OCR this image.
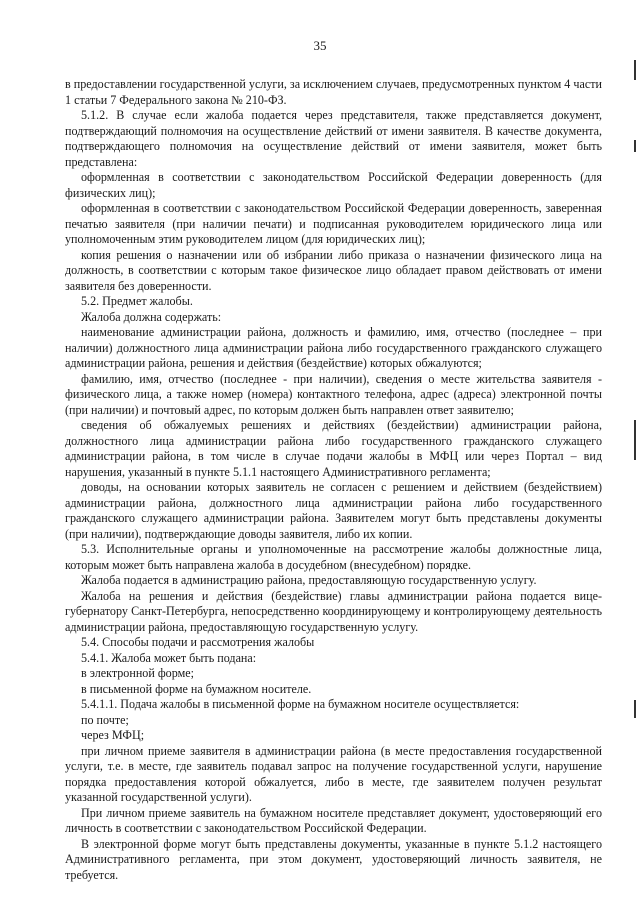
35

в предоставлении государственной услуги, за исключением случаев, предусмотренных пунктом 4 части 1 статьи 7 Федерального закона № 210-ФЗ.

5.1.2. В случае если жалоба подается через представителя, также представляется документ, подтверждающий полномочия на осуществление действий от имени заявителя. В качестве документа, подтверждающего полномочия на осуществление действий от имени заявителя, может быть представлена:

оформленная в соответствии с законодательством Российской Федерации доверенность (для физических лиц);

оформленная в соответствии с законодательством Российской Федерации доверенность, заверенная печатью заявителя (при наличии печати) и подписанная руководителем юридического лица или уполномоченным этим руководителем лицом (для юридических лиц);

копия решения о назначении или об избрании либо приказа о назначении физического лица на должность, в соответствии с которым такое физическое лицо обладает правом действовать от имени заявителя без доверенности.

5.2. Предмет жалобы.

Жалоба должна содержать:

наименование администрации района, должность и фамилию, имя, отчество (последнее – при наличии) должностного лица администрации района либо государственного гражданского служащего администрации района, решения и действия (бездействие) которых обжалуются;

фамилию, имя, отчество (последнее - при наличии), сведения о месте жительства заявителя - физического лица, а также номер (номера) контактного телефона, адрес (адреса) электронной почты (при наличии) и почтовый адрес, по которым должен быть направлен ответ заявителю;

сведения об обжалуемых решениях и действиях (бездействии) администрации района, должностного лица администрации района либо государственного гражданского служащего администрации района, в том числе в случае подачи жалобы в МФЦ или через Портал – вид нарушения, указанный в пункте 5.1.1 настоящего Административного регламента;

доводы, на основании которых заявитель не согласен с решением и действием (бездействием) администрации района, должностного лица администрации района либо государственного гражданского служащего администрации района. Заявителем могут быть представлены документы (при наличии), подтверждающие доводы заявителя, либо их копии.

5.3. Исполнительные органы и уполномоченные на рассмотрение жалобы должностные лица, которым может быть направлена жалоба в досудебном (внесудебном) порядке.

Жалоба подается в администрацию района, предоставляющую государственную услугу.

Жалоба на решения и действия (бездействие) главы администрации района подается вице-губернатору Санкт-Петербурга, непосредственно координирующему и контролирующему деятельность администрации района, предоставляющую государственную услугу.

5.4. Способы подачи и рассмотрения жалобы

5.4.1. Жалоба может быть подана:

в электронной форме;

в письменной форме на бумажном носителе.

5.4.1.1. Подача жалобы в письменной форме на бумажном носителе осуществляется:

по почте;

через МФЦ;

при личном приеме заявителя в администрации района (в месте предоставления государственной услуги, т.е. в месте, где заявитель подавал запрос на получение государственной услуги, нарушение порядка предоставления которой обжалуется, либо в месте, где заявителем получен результат указанной государственной услуги).

При личном приеме заявитель на бумажном носителе представляет документ, удостоверяющий его личность в соответствии с законодательством Российской Федерации.

В электронной форме могут быть представлены документы, указанные в пункте 5.1.2 настоящего Административного регламента, при этом документ, удостоверяющий личность заявителя, не требуется.
